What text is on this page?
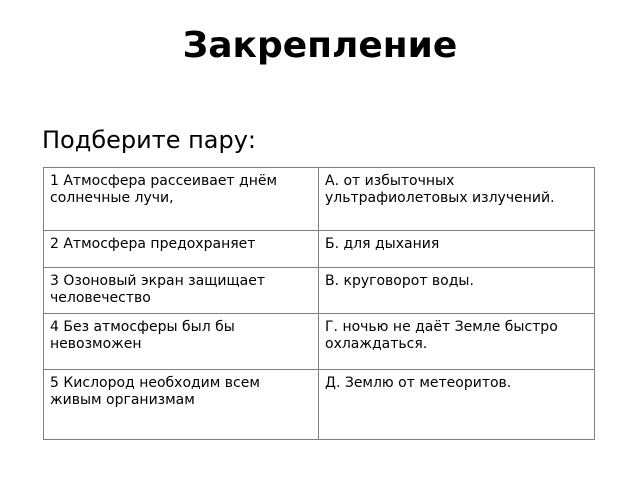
Закрепление
Подберите пару:
1 Атмосфера рассеивает днём солнечные лучи,	А. от избыточных ультрафиолетовых излучений.
2 Атмосфера предохраняет	Б. для дыхания
3 Озоновый экран защищает человечество	В. круговорот воды.
4 Без атмосферы был бы невозможен	Г. ночью не даёт Земле быстро охлаждаться.
5 Кислород необходим всем живым организмам	Д. Землю от метеоритов.
